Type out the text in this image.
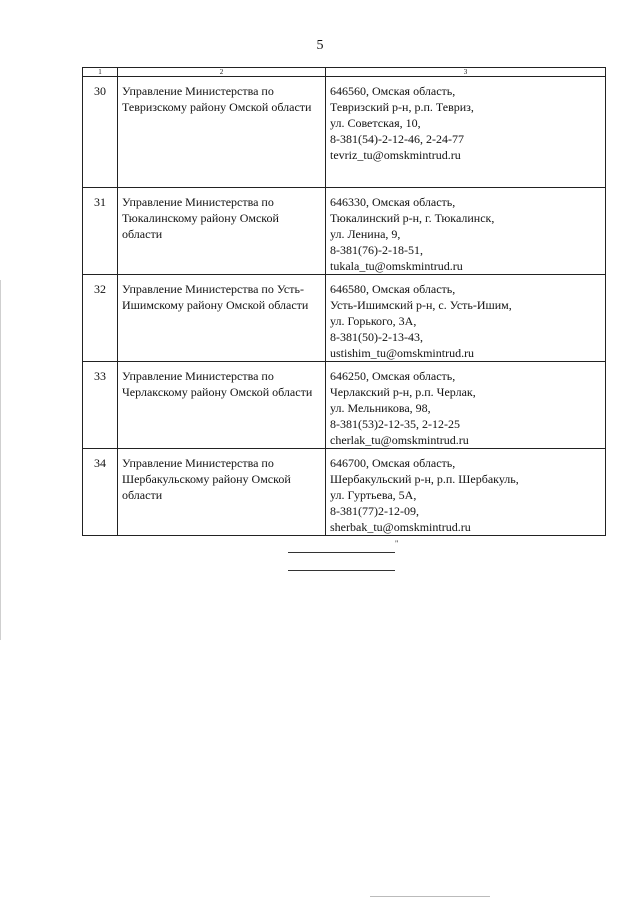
5
1	2	3
30	Управление Министерства по Тевризскому району Омской области	646560, Омская область,
Тевризский р-н, р.п. Тевриз,
ул. Советская, 10,
8-381(54)-2-12-46, 2-24-77
tevriz_tu@omskmintrud.ru

31	Управление Министерства по Тюкалинскому району Омской области	646330, Омская область,
Тюкалинский р-н, г. Тюкалинск,
ул. Ленина, 9,
8-381(76)-2-18-51,
tukala_tu@omskmintrud.ru

32	Управление Министерства по Усть-Ишимскому району Омской области	646580, Омская область,
Усть-Ишимский р-н, с. Усть-Ишим,
ул. Горького, 3А,
8-381(50)-2-13-43,
ustishim_tu@omskmintrud.ru

33	Управление Министерства по Черлакскому району Омской области	646250, Омская область,
Черлакский р-н, р.п. Черлак,
ул. Мельникова, 98,
8-381(53)2-12-35, 2-12-25
cherlak_tu@omskmintrud.ru

34	Управление Министерства по Шербакульскому району Омской области	646700, Омская область,
Шербакульский р-н, р.п. Шербакуль,
ул. Гуртьева, 5А,
8-381(77)2-12-09,
sherbak_tu@omskmintrud.ru
"
